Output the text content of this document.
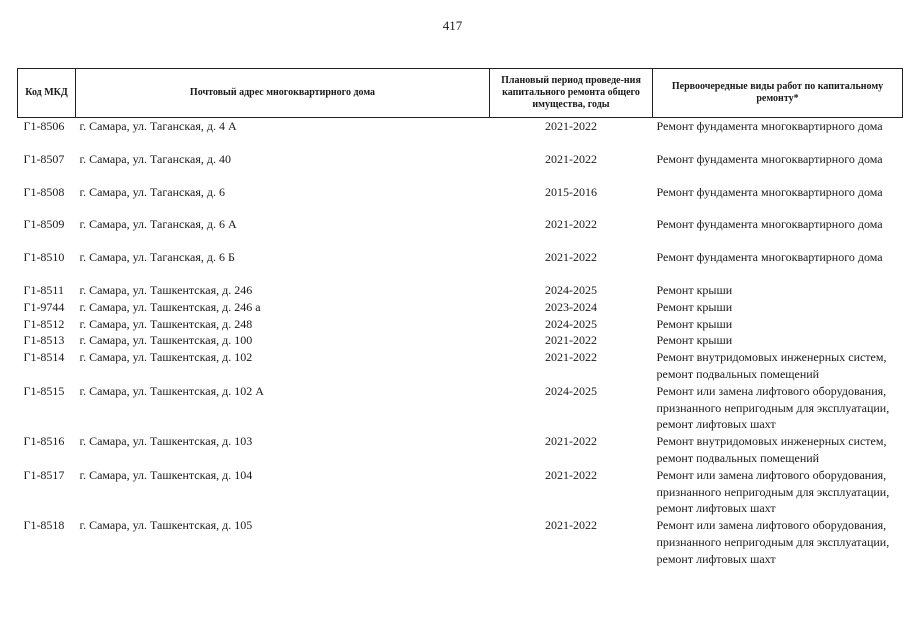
417
Код МКД	Почтовый адрес многоквартирного дома	Плановый период проведе-ния капитального ремонта общего имущества, годы	Первоочередные виды работ по капитальному ремонту*
Г1-8506	г. Самара, ул. Таганская, д. 4 А	2021-2022	Ремонт фундамента многоквартирного дома

Г1-8507	г. Самара, ул. Таганская, д. 40	2021-2022	Ремонт фундамента многоквартирного дома

Г1-8508	г. Самара, ул. Таганская, д. 6	2015-2016	Ремонт фундамента многоквартирного дома

Г1-8509	г. Самара, ул. Таганская, д. 6 А	2021-2022	Ремонт фундамента многоквартирного дома

Г1-8510	г. Самара, ул. Таганская, д. 6 Б	2021-2022	Ремонт фундамента многоквартирного дома

Г1-8511	г. Самара, ул. Ташкентская, д. 246	2024-2025	Ремонт крыши

Г1-9744	г. Самара, ул. Ташкентская, д. 246 а	2023-2024	Ремонт крыши

Г1-8512	г. Самара, ул. Ташкентская, д. 248	2024-2025	Ремонт крыши

Г1-8513	г. Самара, ул. Ташкентская, д. 100	2021-2022	Ремонт крыши

Г1-8514	г. Самара, ул. Ташкентская, д. 102	2021-2022	Ремонт внутридомовых инженерных систем,
ремонт подвальных помещений

Г1-8515	г. Самара, ул. Ташкентская, д. 102 А	2024-2025	Ремонт или замена лифтового оборудования,
признанного непригодным для эксплуатации,
ремонт лифтовых шахт

Г1-8516	г. Самара, ул. Ташкентская, д. 103	2021-2022	Ремонт внутридомовых инженерных систем,
ремонт подвальных помещений

Г1-8517	г. Самара, ул. Ташкентская, д. 104	2021-2022	Ремонт или замена лифтового оборудования,
признанного непригодным для эксплуатации,
ремонт лифтовых шахт

Г1-8518	г. Самара, ул. Ташкентская, д. 105	2021-2022	Ремонт или замена лифтового оборудования,
признанного непригодным для эксплуатации,
ремонт лифтовых шахт
